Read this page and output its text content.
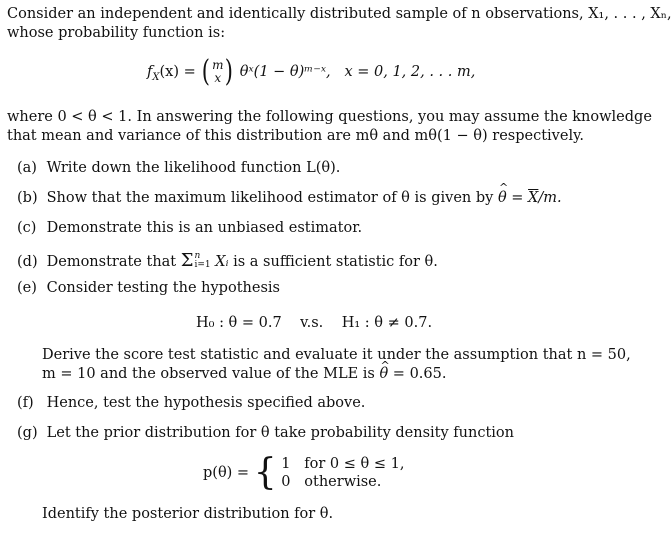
Consider an independent and identically distributed sample of n observations, X₁, . . . , Xₙ,
whose probability function is:
$f_X(x)$ = ( m
x ) θˣ(1 − θ)ᵐ⁻ˣ, x = 0, 1, 2, . . . m,
where 0 < θ < 1. In answering the following questions, you may assume the knowledge
that mean and variance of this distribution are mθ and mθ(1 − θ) respectively.
(a) Write down the likelihood function L(θ).
(b) Show that the maximum likelihood estimator of θ is given by ^ $\theta = \overline{X}/m$.
(c) Demonstrate this is an unbiased estimator.
(d) Demonstrate that Σ n
i=1 Xᵢ is a sufficient statistic for θ.
(e) Consider testing the hypothesis
H₀ : θ = 0.7    v.s.    H₁ : θ ≠ 0.7.
Derive the score test statistic and evaluate it under the assumption that n = 50,
m = 10 and the observed value of the MLE is ^ θ = 0.65.
(f) Hence, test the hypothesis specified above.
(g) Let the prior distribution for θ take probability density function
p(θ) = { 1 for 0 ≤ θ ≤ 1,
0 otherwise.
Identify the posterior distribution for θ.
